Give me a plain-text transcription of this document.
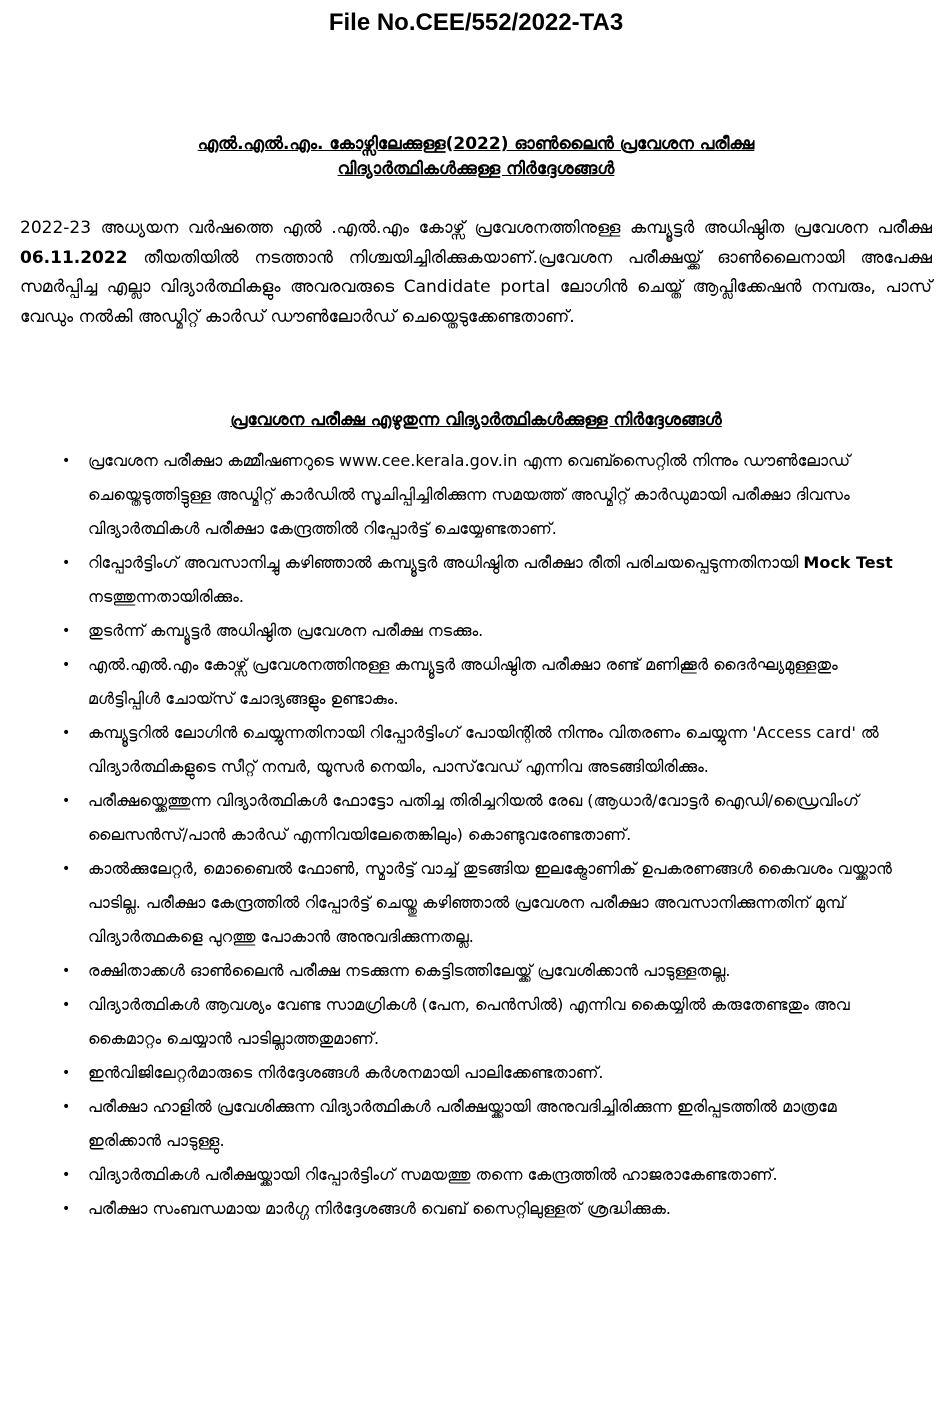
File No.CEE/552/2022-TA3
എൽ.എൽ.എം. കോഴ്സിലേക്കുള്ള(2022) ഓൺലൈൻ പ്രവേശന പരീക്ഷ
വിദ്യാർത്ഥികൾക്കുള്ള നിർദ്ദേശങ്ങൾ

2022-23 അധ്യയന വർഷത്തെ എൽ .എൽ.എം കോഴ്സ് പ്രവേശനത്തിനുള്ള കമ്പ്യൂട്ടർ അധിഷ്ഠിത പ്രവേശന പരീക്ഷ 06.11.2022 തീയതിയിൽ നടത്താൻ നിശ്ചയിച്ചിരിക്കുകയാണ്.പ്രവേശന പരീക്ഷയ്ക്ക് ഓൺലൈനായി അപേക്ഷ സമർപ്പിച്ച എല്ലാ വിദ്യാർത്ഥികളും അവരവരുടെ Candidate portal ലോഗിൻ ചെയ്ത് ആപ്ലിക്കേഷൻ നമ്പരും, പാസ് വേഡും നൽകി അഡ്മിറ്റ് കാർഡ് ഡൗൺലോർഡ് ചെയ്തെടുക്കേണ്ടതാണ്.

പ്രവേശന പരീക്ഷ എഴുതുന്ന വിദ്യാർത്ഥികൾക്കുള്ള നിർദ്ദേശങ്ങൾ
• പ്രവേശന പരീക്ഷാ കമ്മീഷണറുടെ www.cee.kerala.gov.in എന്ന വെബ്സൈറ്റിൽ നിന്നും ഡൗൺലോഡ് ചെയ്തെടുത്തിട്ടുള്ള അഡ്മിറ്റ് കാർഡിൽ സൂചിപ്പിച്ചിരിക്കുന്ന സമയത്ത് അഡ്മിറ്റ് കാർഡുമായി പരീക്ഷാ ദിവസം വിദ്യാർത്ഥികൾ പരീക്ഷാ കേന്ദ്രത്തിൽ റിപ്പോർട്ട് ചെയ്യേണ്ടതാണ്.
• റിപ്പോർട്ടിംഗ് അവസാനിച്ചു കഴിഞ്ഞാൽ കമ്പ്യൂട്ടർ അധിഷ്ഠിത പരീക്ഷാ രീതി പരിചയപ്പെടുന്നതിനായി Mock Test നടത്തുന്നതായിരിക്കും.
• തുടർന്ന് കമ്പ്യൂട്ടർ അധിഷ്ഠിത പ്രവേശന പരീക്ഷ നടക്കും.
• എൽ.എൽ.എം കോഴ്സ് പ്രവേശനത്തിനുള്ള കമ്പ്യൂട്ടർ അധിഷ്ഠിത പരീക്ഷാ രണ്ട് മണിക്കൂർ ദൈർഘ്യമുള്ളതും മൾട്ടിപ്പിൾ ചോയ്സ് ചോദ്യങ്ങളും ഉണ്ടാകും.
• കമ്പ്യൂട്ടറിൽ ലോഗിൻ ചെയ്യുന്നതിനായി റിപ്പോർട്ടിംഗ് പോയിന്റിൽ നിന്നും വിതരണം ചെയ്യുന്ന 'Access card' ൽ വിദ്യാർത്ഥികളുടെ സീറ്റ് നമ്പർ, യൂസർ നെയിം, പാസ്‌വേഡ് എന്നിവ അടങ്ങിയിരിക്കും.
• പരീക്ഷയ്ക്കെത്തുന്ന വിദ്യാർത്ഥികൾ ഫോട്ടോ പതിച്ച തിരിച്ചറിയൽ രേഖ (ആധാർ/വോട്ടർ ഐഡി/ഡ്രൈവിംഗ് ലൈസൻസ്/പാൻ കാർഡ് എന്നിവയിലേതെങ്കിലും) കൊണ്ടുവരേണ്ടതാണ്.
• കാൽക്കുലേറ്റർ, മൊബൈൽ ഫോൺ, സ്മാർട്ട് വാച്ച് തുടങ്ങിയ ഇലക്ട്രോണിക് ഉപകരണങ്ങൾ കൈവശം വയ്ക്കാൻ പാടില്ല. പരീക്ഷാ കേന്ദ്രത്തിൽ റിപ്പോർട്ട് ചെയ്തു കഴിഞ്ഞാൽ പ്രവേശന പരീക്ഷാ അവസാനിക്കുന്നതിന് മുമ്പ് വിദ്യാർത്ഥകളെ പുറത്തു പോകാൻ അനുവദിക്കുന്നതല്ല.
• രക്ഷിതാക്കൾ ഓൺലൈൻ പരീക്ഷ നടക്കുന്ന കെട്ടിടത്തിലേയ്ക്ക് പ്രവേശിക്കാൻ പാടുള്ളതല്ല.
• വിദ്യാർത്ഥികൾ ആവശ്യം വേണ്ട സാമഗ്രികൾ (പേന, പെൻസിൽ) എന്നിവ കൈയ്യിൽ കരുതേണ്ടതും അവ കൈമാറ്റം ചെയ്യാൻ പാടില്ലാത്തതുമാണ്.
• ഇൻവിജിലേറ്റർമാരുടെ നിർദ്ദേശങ്ങൾ കർശനമായി പാലിക്കേണ്ടതാണ്.
• പരീക്ഷാ ഹാളിൽ പ്രവേശിക്കുന്ന വിദ്യാർത്ഥികൾ പരീക്ഷയ്ക്കായി അനുവദിച്ചിരിക്കുന്ന ഇരിപ്പടത്തിൽ മാത്രമേ ഇരിക്കാൻ പാടുള്ളു.
• വിദ്യാർത്ഥികൾ പരീക്ഷയ്ക്കായി റിപ്പോർട്ടിംഗ് സമയത്തു തന്നെ കേന്ദ്രത്തിൽ ഹാജരാകേണ്ടതാണ്.
• പരീക്ഷാ സംബന്ധമായ മാർഗ്ഗ നിർദ്ദേശങ്ങൾ വെബ് സൈറ്റിലുള്ളത് ശ്രദ്ധിക്കുക.
